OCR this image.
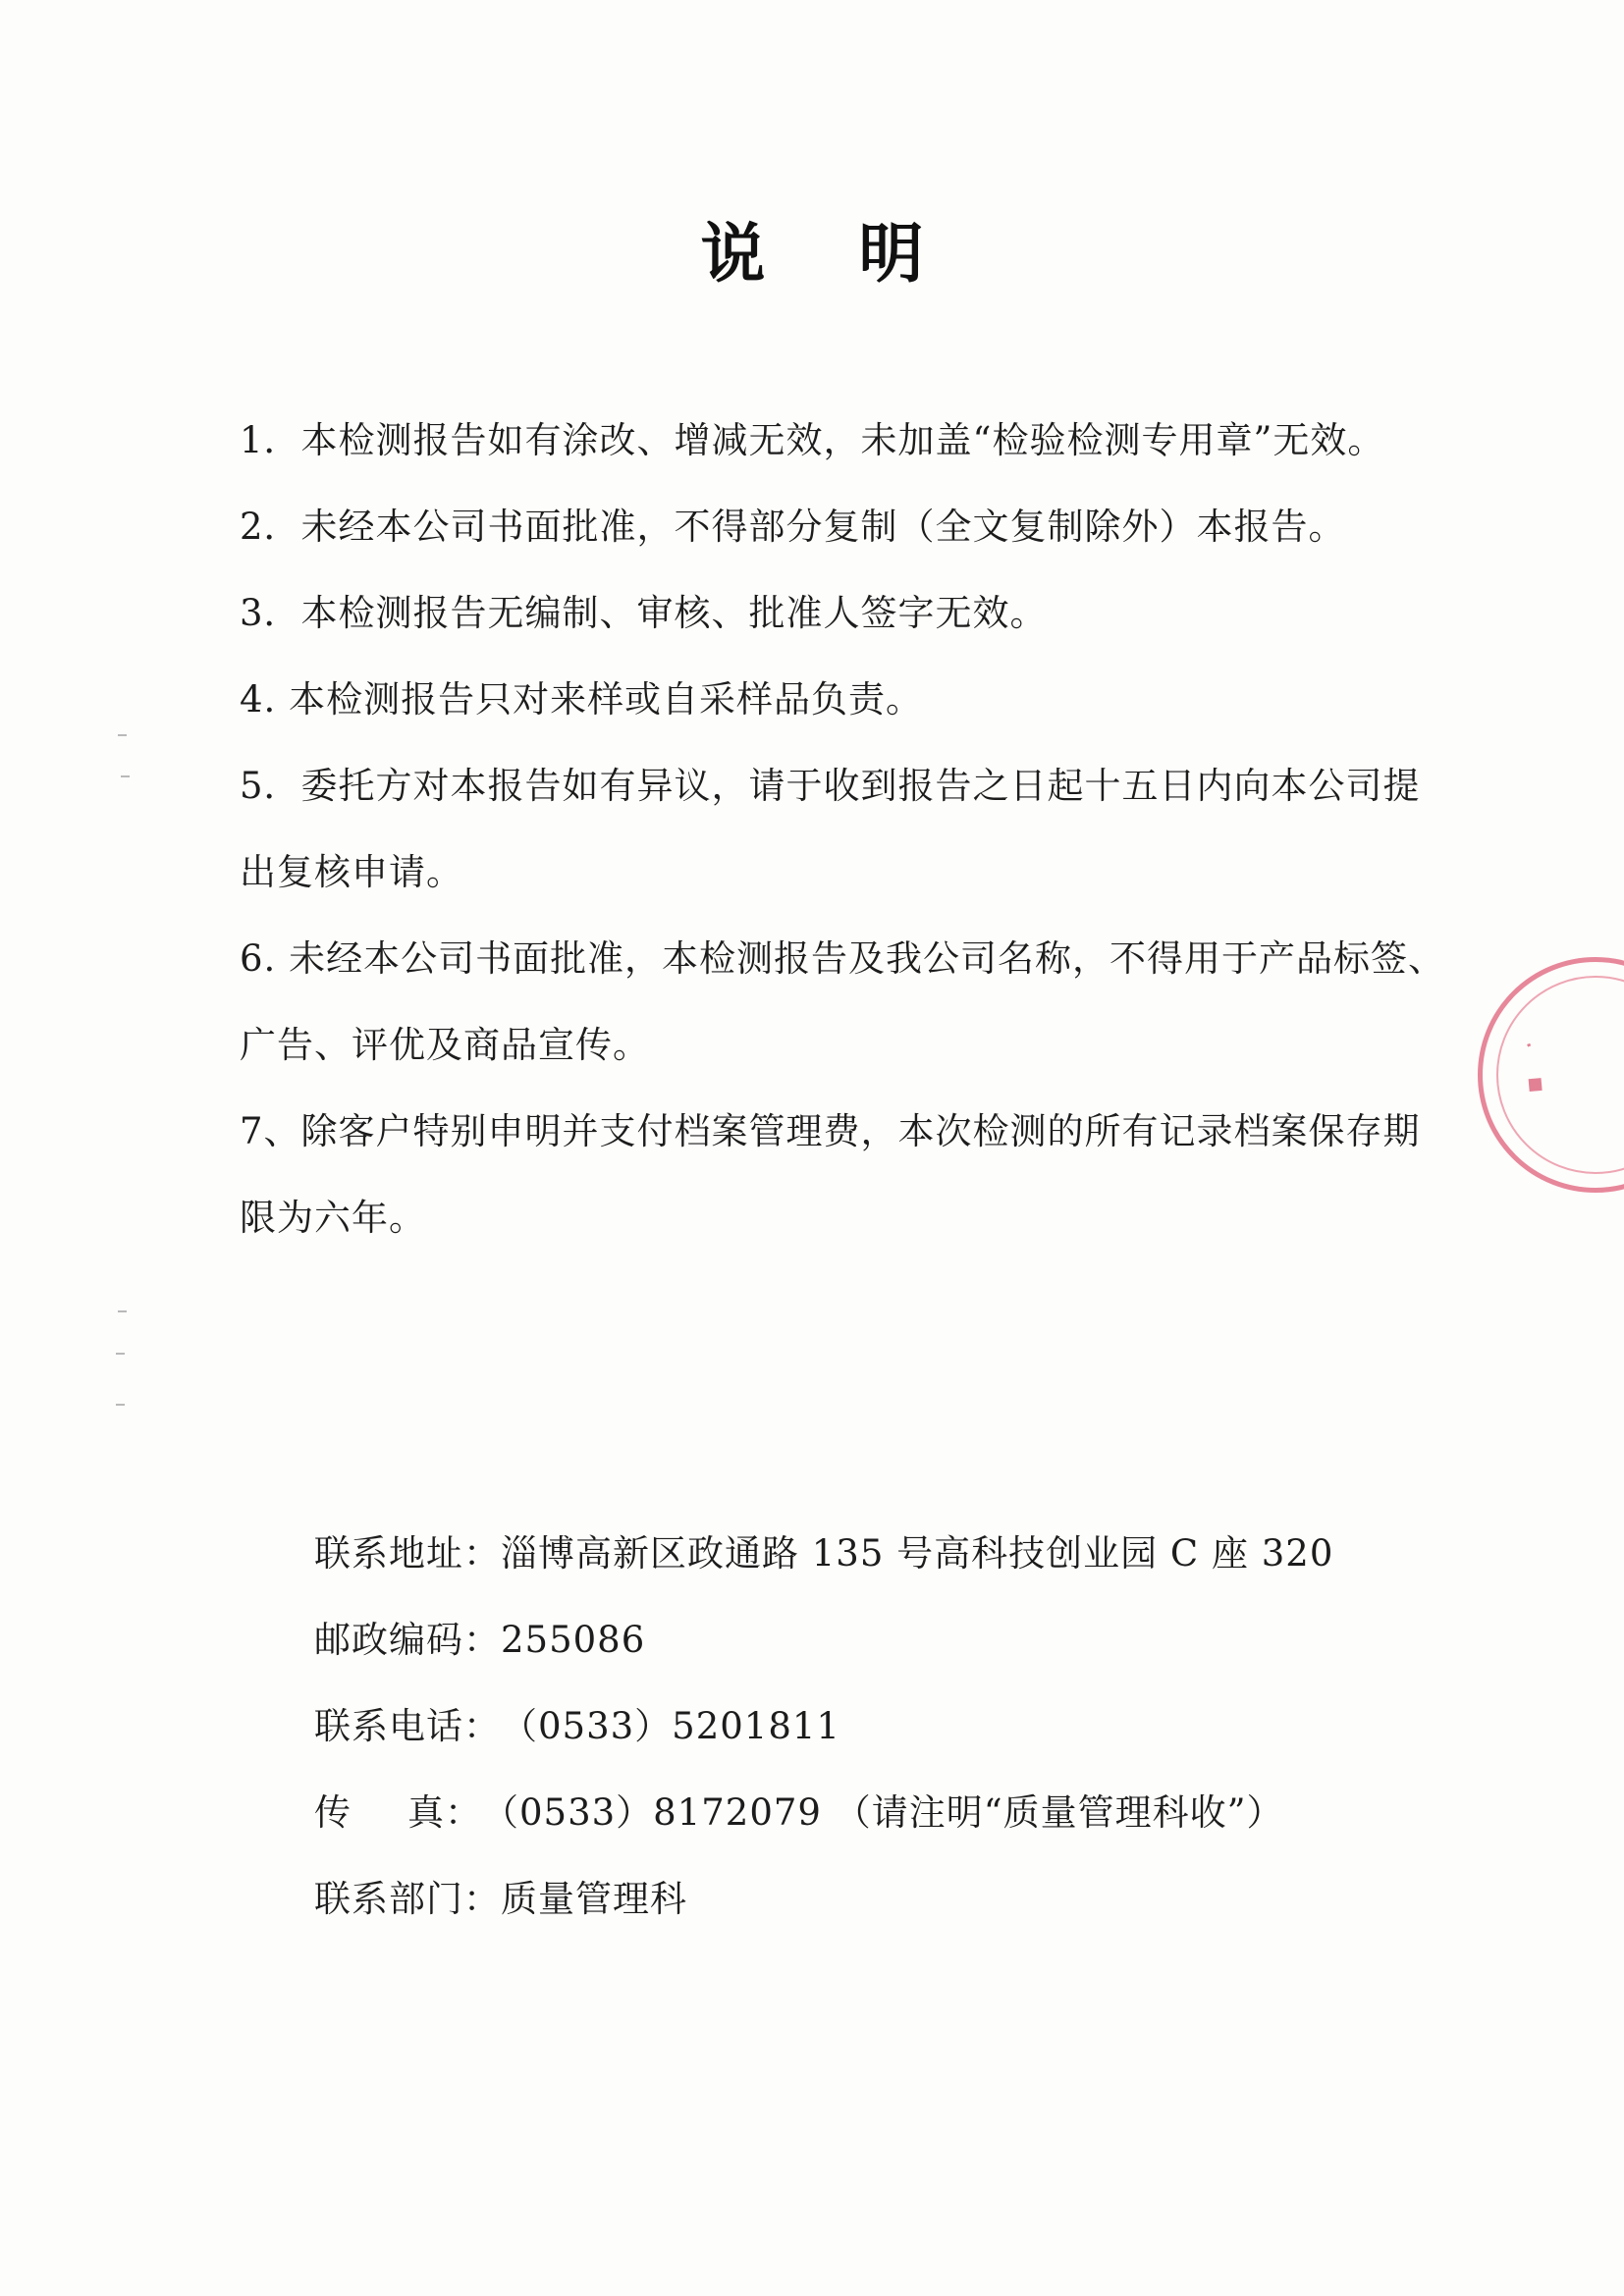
说 明
1．本检测报告如有涂改、增减无效，未加盖“检验检测专用章”无效。
2．未经本公司书面批准，不得部分复制（全文复制除外）本报告。
3．本检测报告无编制、审核、批准人签字无效。
4. 本检测报告只对来样或自采样品负责。
5．委托方对本报告如有异议，请于收到报告之日起十五日内向本公司提
出复核申请。
6. 未经本公司书面批准，本检测报告及我公司名称，不得用于产品标签、
广告、评优及商品宣传。
7、除客户特别申明并支付档案管理费，本次检测的所有记录档案保存期
限为六年。
联系地址：淄博高新区政通路 135 号高科技创业园 C 座 320
邮政编码：255086
联系电话：（0533）5201811
传真：（0533）8172079 （请注明“质量管理科收”）
联系部门：质量管理科
·
▪
